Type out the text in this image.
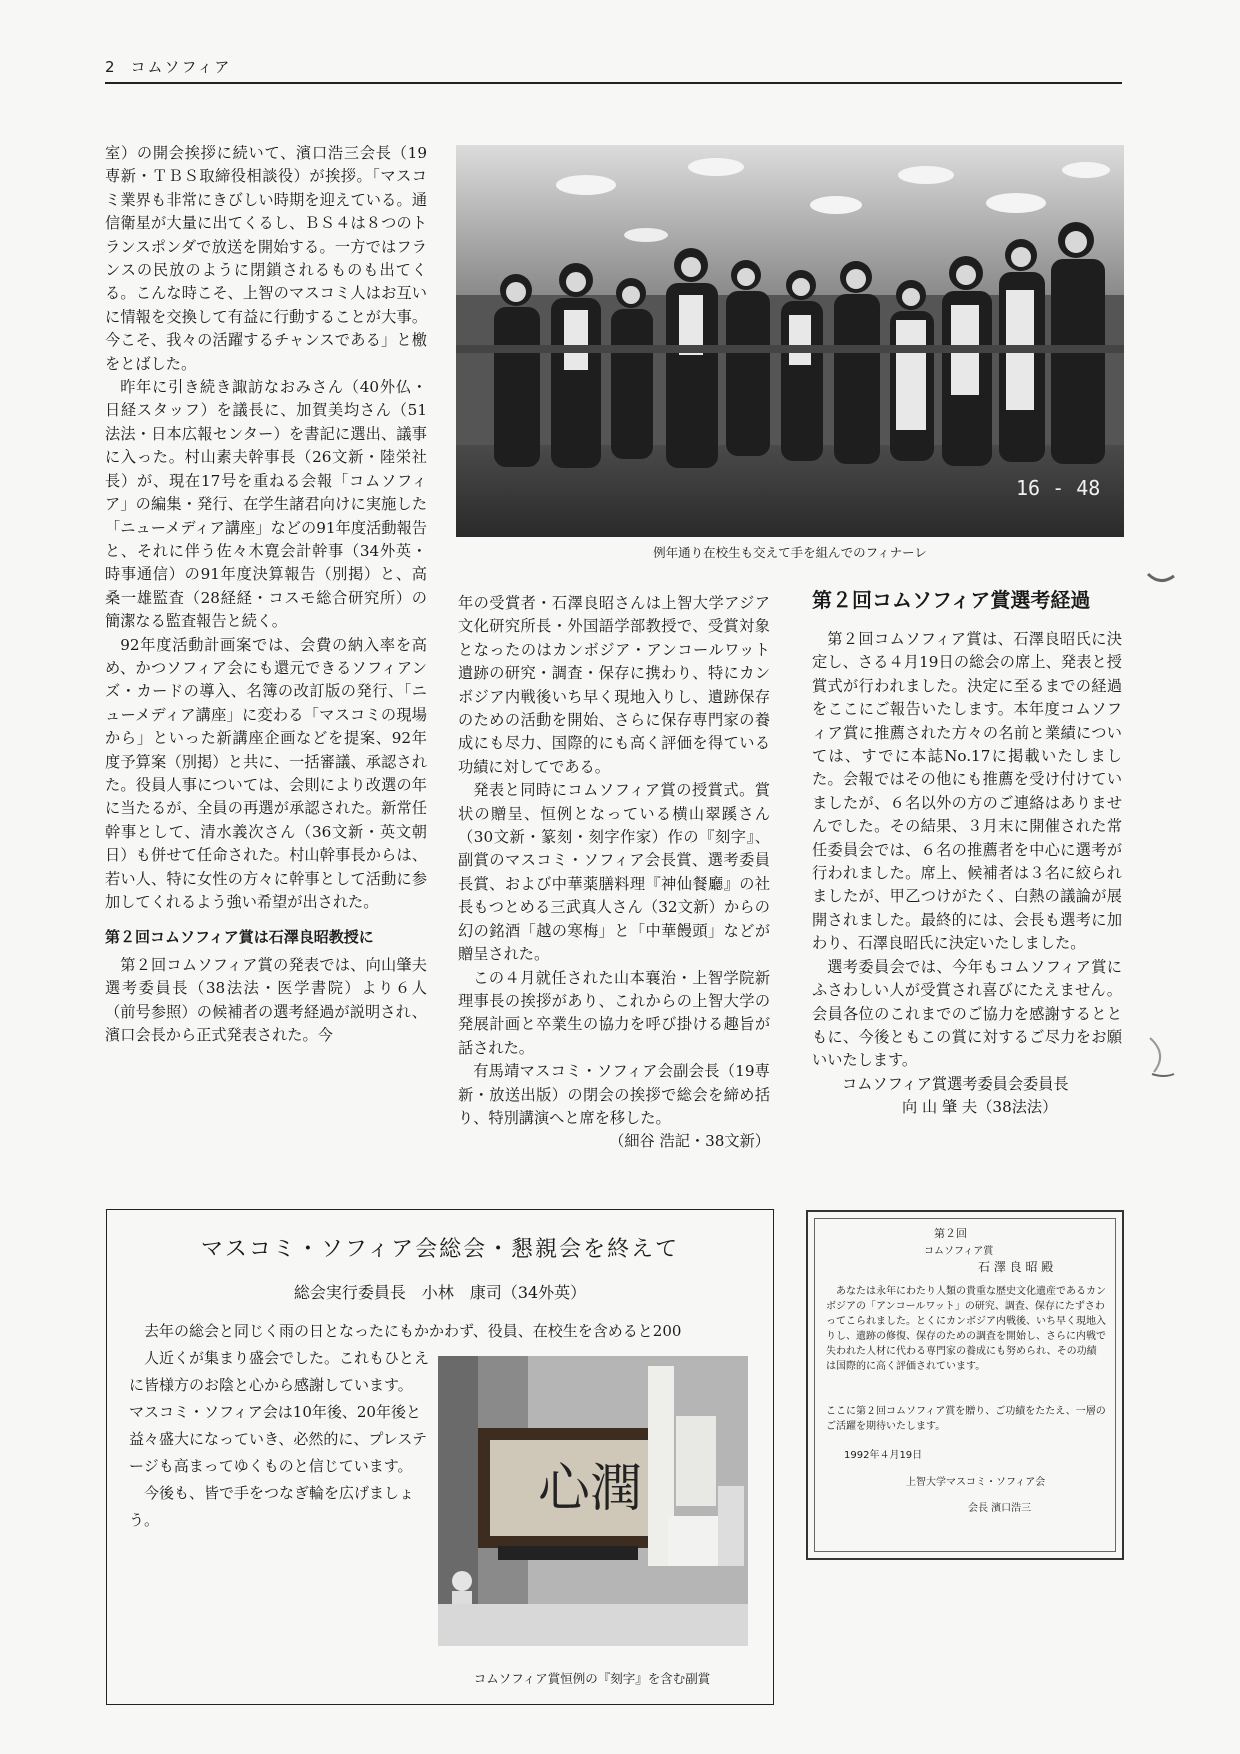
2 コムソフィア

室）の開会挨拶に続いて、濱口浩三会長（19専新・ＴＢＳ取締役相談役）が挨拶。「マスコミ業界も非常にきびしい時期を迎えている。通信衛星が大量に出てくるし、ＢＳ４は８つのトランスポンダで放送を開始する。一方ではフランスの民放のように閉鎖されるものも出てくる。こんな時こそ、上智のマスコミ人はお互いに情報を交換して有益に行動することが大事。今こそ、我々の活躍するチャンスである」と檄をとばした。

昨年に引き続き諏訪なおみさん（40外仏・日経スタッフ）を議長に、加賀美均さん（51法法・日本広報センター）を書記に選出、議事に入った。村山素夫幹事長（26文新・陸栄社長）が、現在17号を重ねる会報「コムソフィア」の編集・発行、在学生諸君向けに実施した「ニューメディア講座」などの91年度活動報告と、それに伴う佐々木寛会計幹事（34外英・時事通信）の91年度決算報告（別掲）と、高桑一雄監査（28経経・コスモ総合研究所）の簡潔なる監査報告と続く。

92年度活動計画案では、会費の納入率を高め、かつソフィア会にも還元できるソフィアンズ・カードの導入、名簿の改訂版の発行、「ニューメディア講座」に変わる「マスコミの現場から」といった新講座企画などを提案、92年度予算案（別掲）と共に、一括審議、承認された。役員人事については、会則により改選の年に当たるが、全員の再選が承認された。新常任幹事として、清水義次さん（36文新・英文朝日）も併せて任命された。村山幹事長からは、若い人、特に女性の方々に幹事として活動に参加してくれるよう強い希望が出された。

第２回コムソフィア賞は石澤良昭教授に

第２回コムソフィア賞の発表では、向山肇夫選考委員長（38法法・医学書院）より６人（前号参照）の候補者の選考経過が説明され、濱口会長から正式発表された。今

16 - 48
例年通り在校生も交えて手を組んでのフィナーレ

年の受賞者・石澤良昭さんは上智大学アジア文化研究所長・外国語学部教授で、受賞対象となったのはカンボジア・アンコールワット遺跡の研究・調査・保存に携わり、特にカンボジア内戦後いち早く現地入りし、遺跡保存のための活動を開始、さらに保存専門家の養成にも尽力、国際的にも高く評価を得ている功績に対してである。

発表と同時にコムソフィア賞の授賞式。賞状の贈呈、恒例となっている横山翠蹊さん（30文新・篆刻・刻字作家）作の『刻字』、副賞のマスコミ・ソフィア会長賞、選考委員長賞、および中華薬膳料理『神仙餐廳』の社長もつとめる三武真人さん（32文新）からの幻の銘酒「越の寒梅」と「中華饅頭」などが贈呈された。

この４月就任された山本襄治・上智学院新理事長の挨拶があり、これからの上智大学の発展計画と卒業生の協力を呼び掛ける趣旨が話された。

有馬靖マスコミ・ソフィア会副会長（19専新・放送出版）の閉会の挨拶で総会を締め括り、特別講演へと席を移した。

（細谷 浩記・38文新）

第２回コムソフィア賞選考経過

第２回コムソフィア賞は、石澤良昭氏に決定し、さる４月19日の総会の席上、発表と授賞式が行われました。決定に至るまでの経過をここにご報告いたします。本年度コムソフィア賞に推薦された方々の名前と業績については、すでに本誌No.17に掲載いたしました。会報ではその他にも推薦を受け付けていましたが、６名以外の方のご連絡はありませんでした。その結果、３月末に開催された常任委員会では、６名の推薦者を中心に選考が行われました。席上、候補者は３名に絞られましたが、甲乙つけがたく、白熱の議論が展開されました。最終的には、会長も選考に加わり、石澤良昭氏に決定いたしました。

選考委員会では、今年もコムソフィア賞にふさわしい人が受賞され喜びにたえません。会員各位のこれまでのご協力を感謝するとともに、今後ともこの賞に対するご尽力をお願いいたします。

コムソフィア賞選考委員会委員長

向 山 肇 夫（38法法）

マスコミ・ソフィア会総会・懇親会を終えて
総会実行委員長　小林　康司（34外英）

去年の総会と同じく雨の日となったにもかかわず、役員、在校生を含めると200

人近くが集まり盛会でした。これもひとえに皆様方のお陰と心から感謝しています。　マスコミ・ソフィア会は10年後、20年後と益々盛大になっていき、必然的に、プレステージも高まってゆくものと信じています。

今後も、皆で手をつなぎ輪を広げましょう。

心潤
コムソフィア賞恒例の『刻字』を含む副賞
第２回
コムソフィア賞
石 澤 良 昭 殿
あなたは永年にわたり人類の貴重な歴史文化遺産であるカンボジアの「アンコールワット」の研究、調査、保存にたずさわってこられました。とくにカンボジア内戦後、いち早く現地入りし、遺跡の修復、保存のための調査を開始し、さらに内戦で失われた人材に代わる専門家の養成にも努められ、その功績は国際的に高く評価されています。
ここに第２回コムソフィア賞を贈り、ご功績をたたえ、一層のご活躍を期待いたします。
1992年４月19日
上智大学マスコミ・ソフィア会
会長 濱口浩三
